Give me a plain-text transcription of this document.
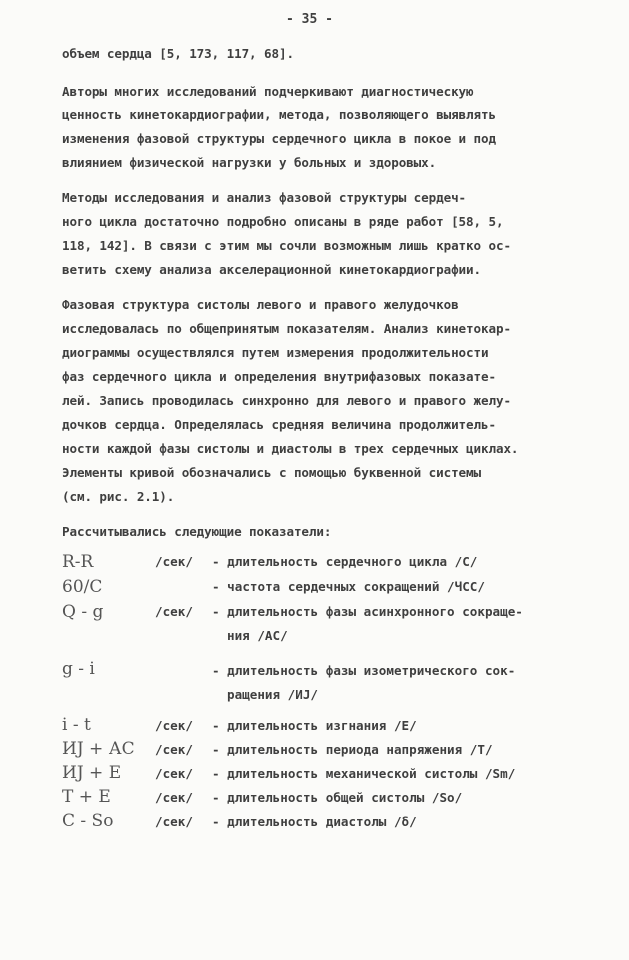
- 35 -
объем сердца [5, 173, 117, 68].
Авторы многих исследований подчеркивают диагностическую
ценность кинетокардиографии, метода, позволяющего выявлять
изменения фазовой структуры сердечного цикла в покое и под
влиянием физической нагрузки у больных и здоровых.
Методы исследования и анализ фазовой структуры сердеч-
ного цикла достаточно подробно описаны в ряде работ [58, 5,
118, 142]. В связи с этим мы сочли возможным лишь кратко ос-
ветить схему анализа акселерационной кинетокардиографии.
Фазовая структура систолы левого и правого желудочков
исследовалась по общепринятым показателям. Анализ кинетокар-
диограммы осуществлялся путем измерения продолжительности
фаз сердечного цикла и определения внутрифазовых показате-
лей. Запись проводилась синхронно для левого и правого желу-
дочков сердца. Определялась средняя величина продолжитель-
ности каждой фазы систолы и диастолы в трех сердечных циклах.
Элементы кривой обозначались с помощью буквенной системы
(см. рис. 2.1).
Рассчитывались следующие показатели:
R-R	/сек/ - длительность сердечного цикла /С/
60/C	- частота сердечных сокращений /ЧСС/
Q - g	/сек/ - длительность фазы асинхронного сокраще-
ния /АС/
g - i	- длительность фазы изометрического сок-
ращения /ИJ/
i - t	/сек/ - длительность изгнания /Е/
ИJ + АС /сек/ - длительность периода напряжения /Т/
ИJ + Е	/сек/ - длительность механической систолы /Sm/
T + E	/сек/ - длительность общей систолы /So/
C - So	/сек/ - длительность диастолы /δ/
